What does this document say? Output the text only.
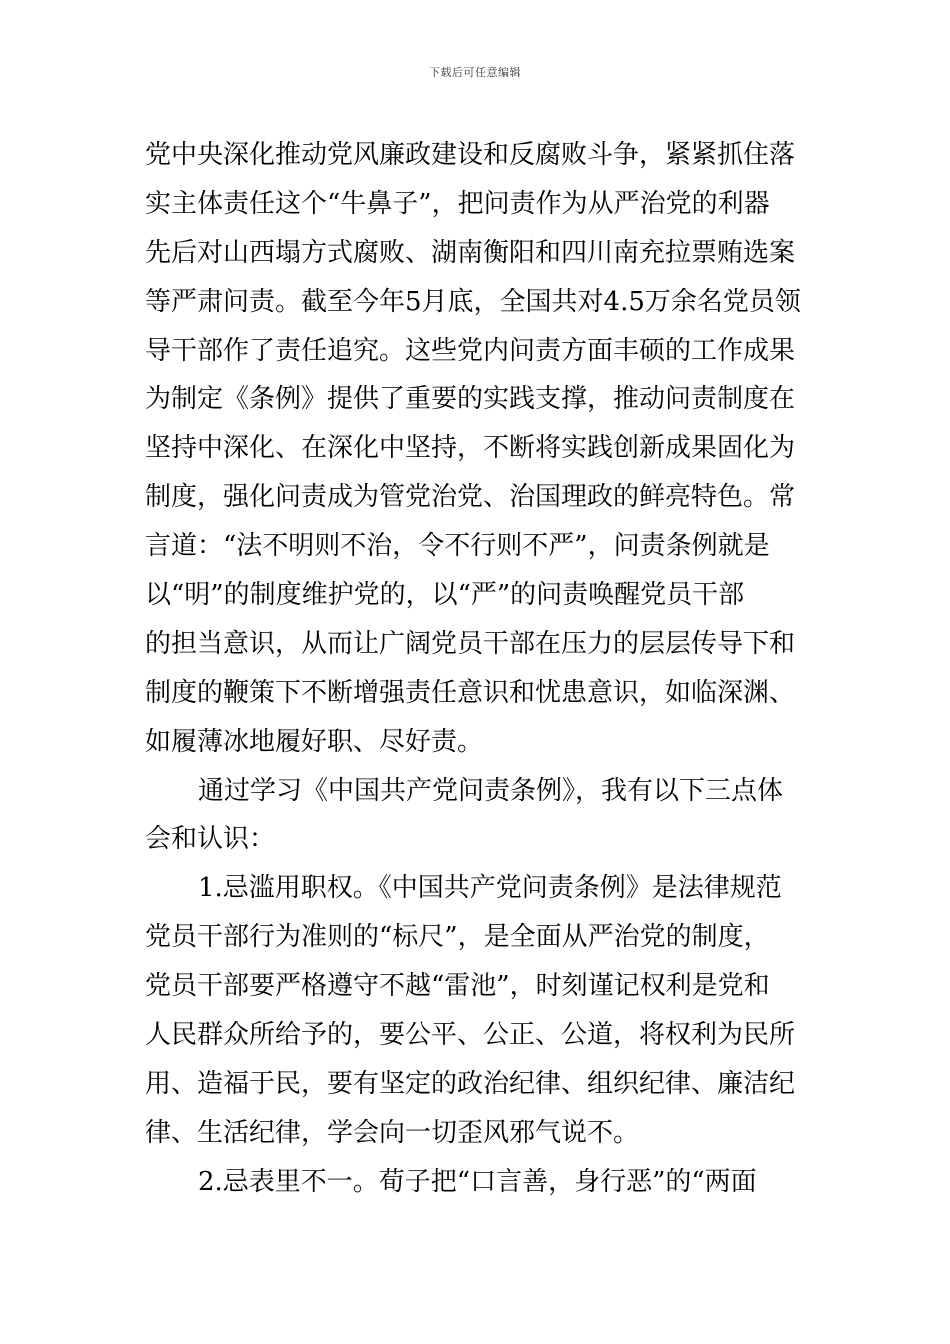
下载后可任意编辑
党中央深化推动党风廉政建设和反腐败斗争，紧紧抓住落
实主体责任这个“牛鼻子”，把问责作为从严治党的利器
先后对山西塌方式腐败、湖南衡阳和四川南充拉票贿选案
等严肃问责。截至今年5月底，全国共对4.5万余名党员领
导干部作了责任追究。这些党内问责方面丰硕的工作成果
为制定《条例》提供了重要的实践支撑，推动问责制度在
坚持中深化、在深化中坚持，不断将实践创新成果固化为
制度，强化问责成为管党治党、治国理政的鲜亮特色。常
言道：“法不明则不治，令不行则不严”，问责条例就是
以“明”的制度维护党的，以“严”的问责唤醒党员干部
的担当意识，从而让广阔党员干部在压力的层层传导下和
制度的鞭策下不断增强责任意识和忧患意识，如临深渊、
如履薄冰地履好职、尽好责。
通过学习《中国共产党问责条例》，我有以下三点体
会和认识：
1.忌滥用职权。《中国共产党问责条例》是法律规范
党员干部行为准则的“标尺”，是全面从严治党的制度，
党员干部要严格遵守不越“雷池”，时刻谨记权利是党和
人民群众所给予的，要公平、公正、公道，将权利为民所
用、造福于民，要有坚定的政治纪律、组织纪律、廉洁纪
律、生活纪律，学会向一切歪风邪气说不。
2.忌表里不一。荀子把“口言善，身行恶”的“两面
